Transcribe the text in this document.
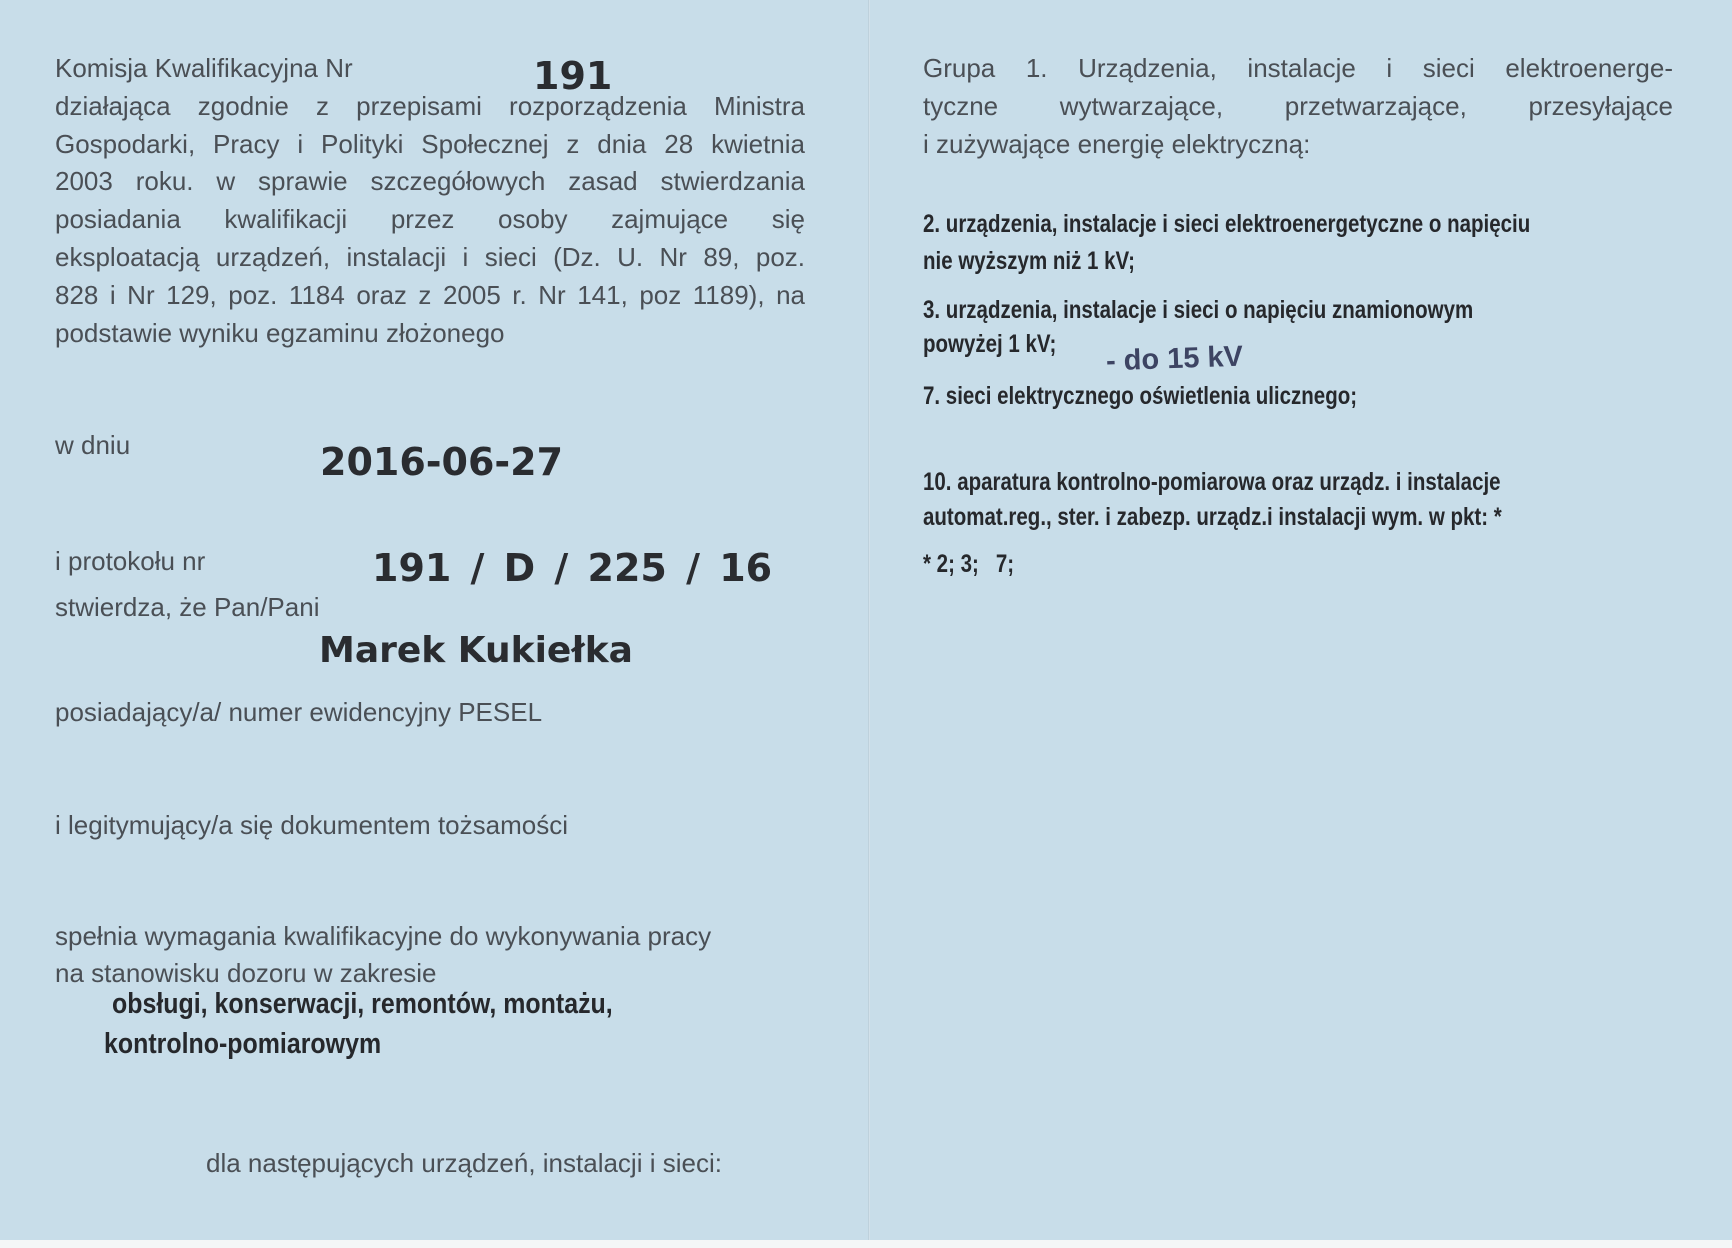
Komisja Kwalifikacyjna Nr
działająca zgodnie z przepisami rozporządzenia Ministra
Gospodarki, Pracy i Polityki Społecznej z dnia 28 kwietnia
2003 roku. w sprawie szczegółowych zasad stwierdzania
posiadania kwalifikacji przez osoby zajmujące się
eksploatacją urządzeń, instalacji i sieci (Dz. U. Nr 89, poz.
828 i Nr 129, poz. 1184 oraz z 2005 r. Nr 141, poz 1189), na
podstawie wyniku egzaminu złożonego
191
w dniu	2016-06-27
i protokołu nr	191 / D / 225 / 16
stwierdza, że Pan/Pani
Marek Kukiełka
posiadający/a/ numer ewidencyjny PESEL
i legitymujący/a się dokumentem tożsamości
spełnia wymagania kwalifikacyjne do wykonywania pracy
na stanowisku dozoru w zakresie
obsługi, konserwacji, remontów, montażu,
kontrolno-pomiarowym
dla następujących urządzeń, instalacji i sieci:
Grupa 1. Urządzenia, instalacje i sieci elektroenerge-
tyczne wytwarzające, przetwarzające, przesyłające
i zużywające energię elektryczną:
2. urządzenia, instalacje i sieci elektroenergetyczne o napięciu
nie wyższym niż 1 kV;
3. urządzenia, instalacje i sieci o napięciu znamionowym
powyżej 1 kV; - do 15 kV
7. sieci elektrycznego oświetlenia ulicznego;
10. aparatura kontrolno-pomiarowa oraz urządz. i instalacje
automat.reg., ster. i zabezp. urządz.i instalacji wym. w pkt: *
* 2; 3;   7;
